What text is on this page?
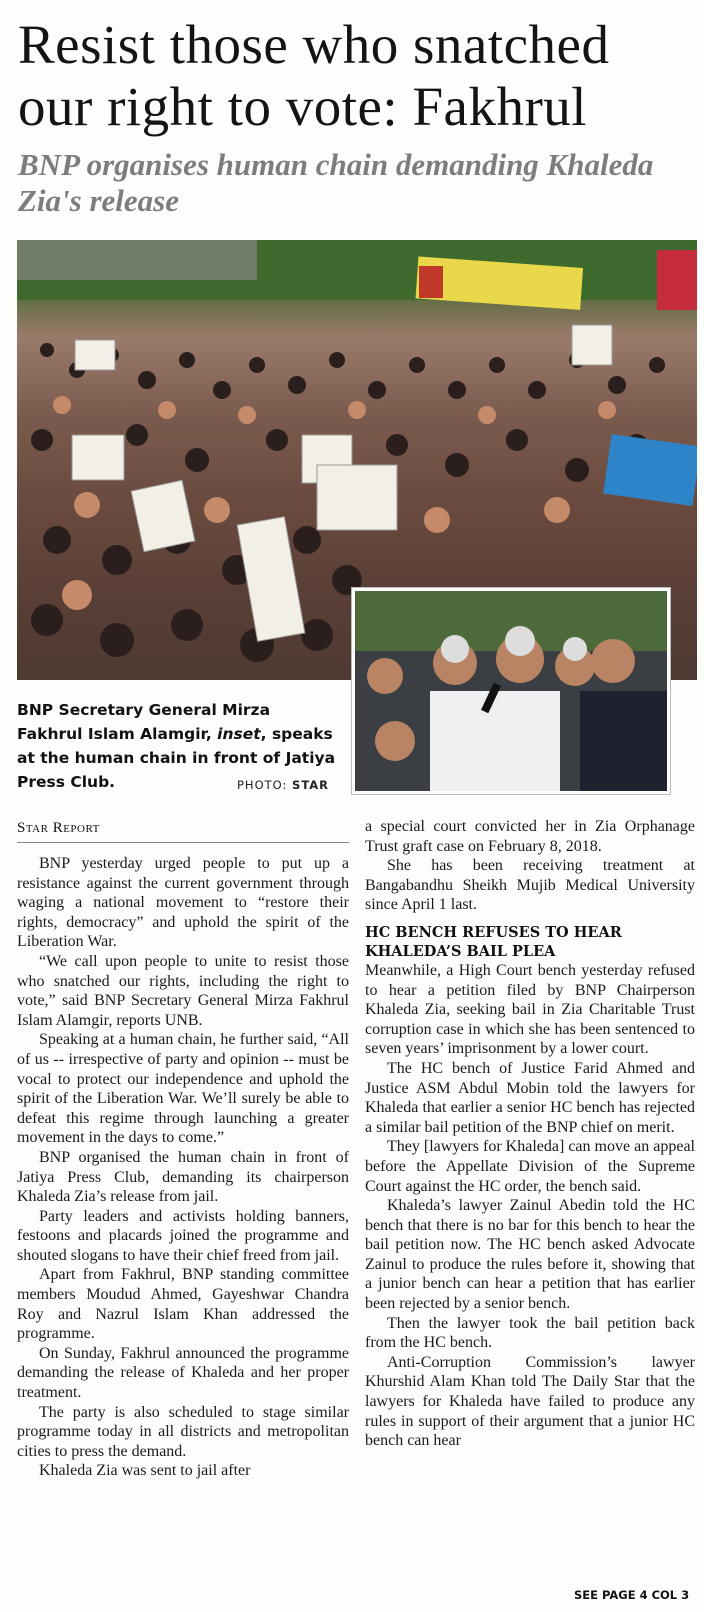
Resist those who snatched our right to vote: Fakhrul
BNP organises human chain demanding Khaleda Zia's release
BNP Secretary General Mirza Fakhrul Islam Alamgir, inset, speaks at the human chain in front of Jatiya Press Club.	PHOTO: STAR
Star Report

BNP yesterday urged people to put up a resistance against the current government through waging a national movement to “restore their rights, democracy” and uphold the spirit of the Liberation War.

“We call upon people to unite to resist those who snatched our rights, including the right to vote,” said BNP Secretary General Mirza Fakhrul Islam Alamgir, reports UNB.

Speaking at a human chain, he further said, “All of us -- irrespective of party and opinion -- must be vocal to protect our independence and uphold the spirit of the Liberation War. We’ll surely be able to defeat this regime through launching a greater movement in the days to come.”

BNP organised the human chain in front of Jatiya Press Club, demanding its chairperson Khaleda Zia’s release from jail.

Party leaders and activists holding banners, festoons and placards joined the programme and shouted slogans to have their chief freed from jail.

Apart from Fakhrul, BNP standing committee members Moudud Ahmed, Gayeshwar Chandra Roy and Nazrul Islam Khan addressed the programme.

On Sunday, Fakhrul announced the programme demanding the release of Khaleda and her proper treatment.

The party is also scheduled to stage similar programme today in all districts and metropolitan cities to press the demand.

Khaleda Zia was sent to jail after

a special court convicted her in Zia Orphanage Trust graft case on February 8, 2018.

She has been receiving treatment at Bangabandhu Sheikh Mujib Medical University since April 1 last.

HC BENCH REFUSES TO HEAR KHALEDA’S BAIL PLEA

Meanwhile, a High Court bench yesterday refused to hear a petition filed by BNP Chairperson Khaleda Zia, seeking bail in Zia Charitable Trust corruption case in which she has been sentenced to seven years’ imprisonment by a lower court.

The HC bench of Justice Farid Ahmed and Justice ASM Abdul Mobin told the lawyers for Khaleda that earlier a senior HC bench has rejected a similar bail petition of the BNP chief on merit.

They [lawyers for Khaleda] can move an appeal before the Appellate Division of the Supreme Court against the HC order, the bench said.

Khaleda’s lawyer Zainul Abedin told the HC bench that there is no bar for this bench to hear the bail petition now. The HC bench asked Advocate Zainul to produce the rules before it, showing that a junior bench can hear a petition that has earlier been rejected by a senior bench.

Then the lawyer took the bail petition back from the HC bench.

Anti-Corruption Commission’s lawyer Khurshid Alam Khan told The Daily Star that the lawyers for Khaleda have failed to produce any rules in support of their argument that a junior HC bench can hear

SEE PAGE 4 COL 3
